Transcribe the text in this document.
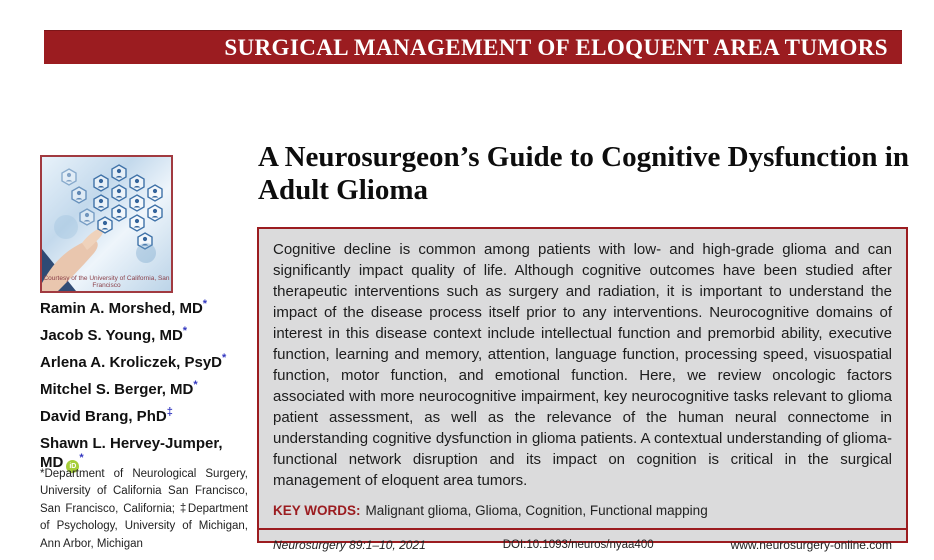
SURGICAL MANAGEMENT OF ELOQUENT AREA TUMORS
Courtesy of the University of California, San Francisco
Ramin A. Morshed, MD*
Jacob S. Young, MD*
Arlena A. Kroliczek, PsyD*
Mitchel S. Berger, MD*
David Brang, PhD‡
Shawn L. Hervey-Jumper, MD iD*
*Department of Neurological Surgery, University of California San Francisco, San Francisco, California; ‡Department of Psychology, University of Michigan, Ann Arbor, Michigan
A Neurosurgeon’s Guide to Cognitive Dysfunction in Adult Glioma

Cognitive decline is common among patients with low- and high-grade glioma and can significantly impact quality of life. Although cognitive outcomes have been studied after therapeutic interventions such as surgery and radiation, it is important to understand the impact of the disease process itself prior to any interventions. Neurocognitive domains of interest in this disease context include intellectual function and premorbid ability, executive function, learning and memory, attention, language function, processing speed, visuospatial function, motor function, and emotional function. Here, we review oncologic factors associated with more neurocognitive impairment, key neurocognitive tasks relevant to glioma patient assessment, as well as the relevance of the human neural connectome in understanding cognitive dysfunction in glioma patients. A contextual understanding of glioma-functional network disruption and its impact on cognition is critical in the surgical management of eloquent area tumors.

KEY WORDS: Malignant glioma, Glioma, Cognition, Functional mapping
Neurosurgery 89:1–10, 2021	DOI:10.1093/neuros/nyaa400	www.neurosurgery-online.com
